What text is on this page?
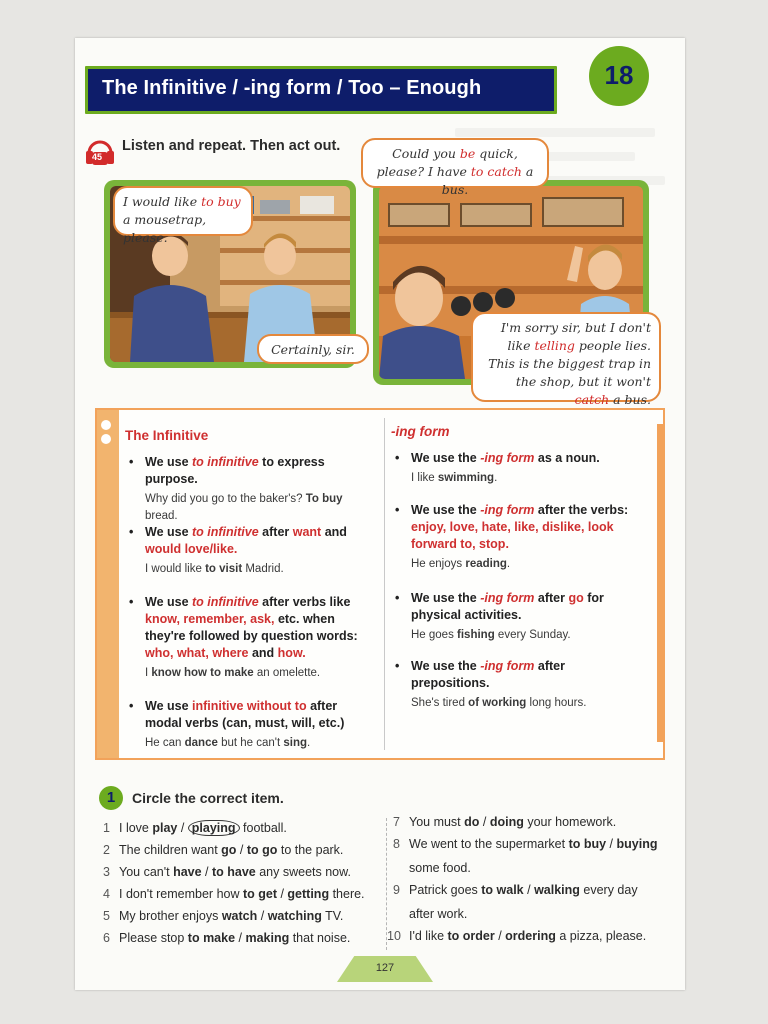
The Infinitive / -ing form / Too – Enough	18
45
Listen and repeat. Then act out.
I would like to buy a mousetrap, please.
Certainly, sir.
Could you be quick, please? I have to catch a bus.
I'm sorry sir, but I don't like telling people lies. This is the biggest trap in the shop, but it won't catch a bus.
The Infinitive	-ing form
• We use to infinitive to express purpose.
Why did you go to the baker's? To buy bread.
• We use to infinitive after want and would love/like.
I would like to visit Madrid.
• We use to infinitive after verbs like know, remember, ask, etc. when they're followed by question words: who, what, where and how.
I know how to make an omelette.
• We use infinitive without to after modal verbs (can, must, will, etc.)
He can dance but he can't sing.
• We use the -ing form as a noun.
I like swimming.
• We use the -ing form after the verbs: enjoy, love, hate, like, dislike, look forward to, stop.
He enjoys reading.
• We use the -ing form after go for physical activities.
He goes fishing every Sunday.
• We use the -ing form after prepositions.
She's tired of working long hours.
1	Circle the correct item.
1 I love play / playing football.
2 The children want go / to go to the park.
3 You can't have / to have any sweets now.
4 I don't remember how to get / getting there.
5 My brother enjoys watch / watching TV.
6 Please stop to make / making that noise.
7 You must do / doing your homework.
8 We went to the supermarket to buy / buying
some food.
9 Patrick goes to walk / walking every day
after work.
10 I'd like to order / ordering a pizza, please.
127
